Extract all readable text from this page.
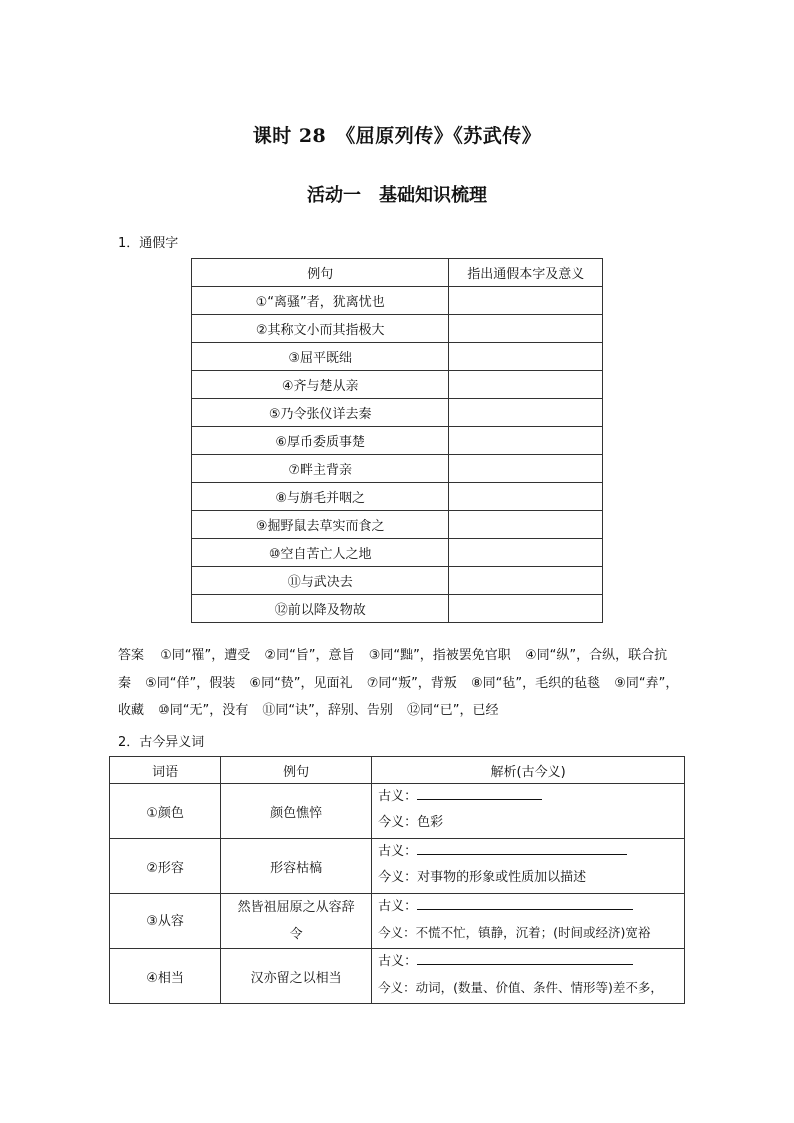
课时 28　《屈原列传》《苏武传》
活动一　基础知识梳理
1．通假字
例句	指出通假本字及意义
①“离骚”者，犹离忧也	
②其称文小而其指极大	
③屈平既绌	
④齐与楚从亲	
⑤乃令张仪详去秦	
⑥厚币委质事楚	
⑦畔主背亲	
⑧与旃毛并咽之	
⑨掘野鼠去草实而食之	
⑩空自苦亡人之地	
⑪与武决去	
⑫前以降及物故	
答案 ①同“罹”，遭受 ②同“旨”，意旨 ③同“黜”，指被罢免官职 ④同“纵”，合纵，联合抗秦 ⑤同“佯”，假装 ⑥同“贽”，见面礼 ⑦同“叛”，背叛 ⑧同“毡”，毛织的毡毯 ⑨同“弆”，收藏 ⑩同“无”，没有 ⑪同“诀”，辞别、告别 ⑫同“已”，已经
2．古今异义词
词语	例句	解析(古今义)
①颜色	颜色憔悴	古义：
今义：色彩

②形容	形容枯槁	古义：
今义：对事物的形象或性质加以描述

③从容	然皆祖屈原之从容辞令	古义：
今义：不慌不忙，镇静，沉着；(时间或经济)宽裕

④相当	汉亦留之以相当	古义：
今义：动词，(数量、价值、条件、情形等)差不多，
